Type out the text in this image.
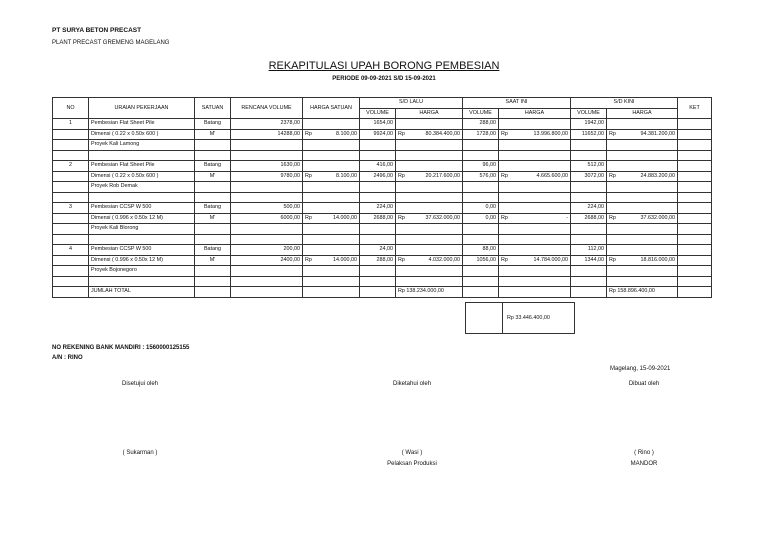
PT SURYA BETON PRECAST
PLANT PRECAST GREMENG MAGELANG
REKAPITULASI UPAH BORONG PEMBESIAN
PERIODE 09-09-2021 S/D 15-09-2021
NO	URAIAN PEKERJAAN	SATUAN	RENCANA VOLUME	HARGA SATUAN	S/D LALU		SAAT INI		S/D KINI		KET
					VOLUME	HARGA	VOLUME	HARGA	VOLUME	HARGA	
1	Pembesian Flat Sheet Pile	Batang	2378,00		1654,00		288,00		1942,00	

	Dimensi ( 0.22 x 0.50x 600 )	M'	14288,00	Rp 8.100,00	9924,00	Rp 80.384.400,00	1728,00	Rp 13.996.800,00	11652,00	Rp 94.381.200,00	

	Proyek Kali Lamong			

2	Pembesian Flat Sheet Pile	Batang	1630,00		416,00		96,00		512,00	

	Dimensi ( 0.22 x 0.50x 600 )	M'	9780,00	Rp 8.100,00	2496,00	Rp 20.217.600,00	576,00	Rp 4.665.600,00	3072,00	Rp 24.883.200,00	

	Proyek Rob Demak			

3	Pembesian CCSP W 500	Batang	500,00		224,00		0,00		224,00	

	Dimensi ( 0.996 x 0.50x 12 M)	M'	6000,00	Rp 14.000,00	2688,00	Rp 37.632.000,00	0,00	Rp -	2688,00	Rp 37.632.000,00	

	Proyek Kali Blorong			

4	Pembesian CCSP W 500	Batang	200,00		24,00		88,00		112,00	

	Dimensi ( 0.996 x 0.50x 12 M)	M'	2400,00	Rp 14.000,00	288,00	Rp 4.032.000,00	1056,00	Rp 14.784.000,00	1344,00	Rp 18.816.000,00	

	Proyek Bojonegoro			

	JUMLAH TOTAL					Rp 138.234.000,00				Rp 158.896.400,00	
Rp 33.446.400,00
NO REKENING BANK MANDIRI : 1560000125155
A/N : RINO
Magelang, 15-09-2021
Disetujui oleh	Diketahui oleh	Dibuat oleh
( Sukarman )	( Wasi )
Pelaksan Produksi
( Rino )
MANDOR
